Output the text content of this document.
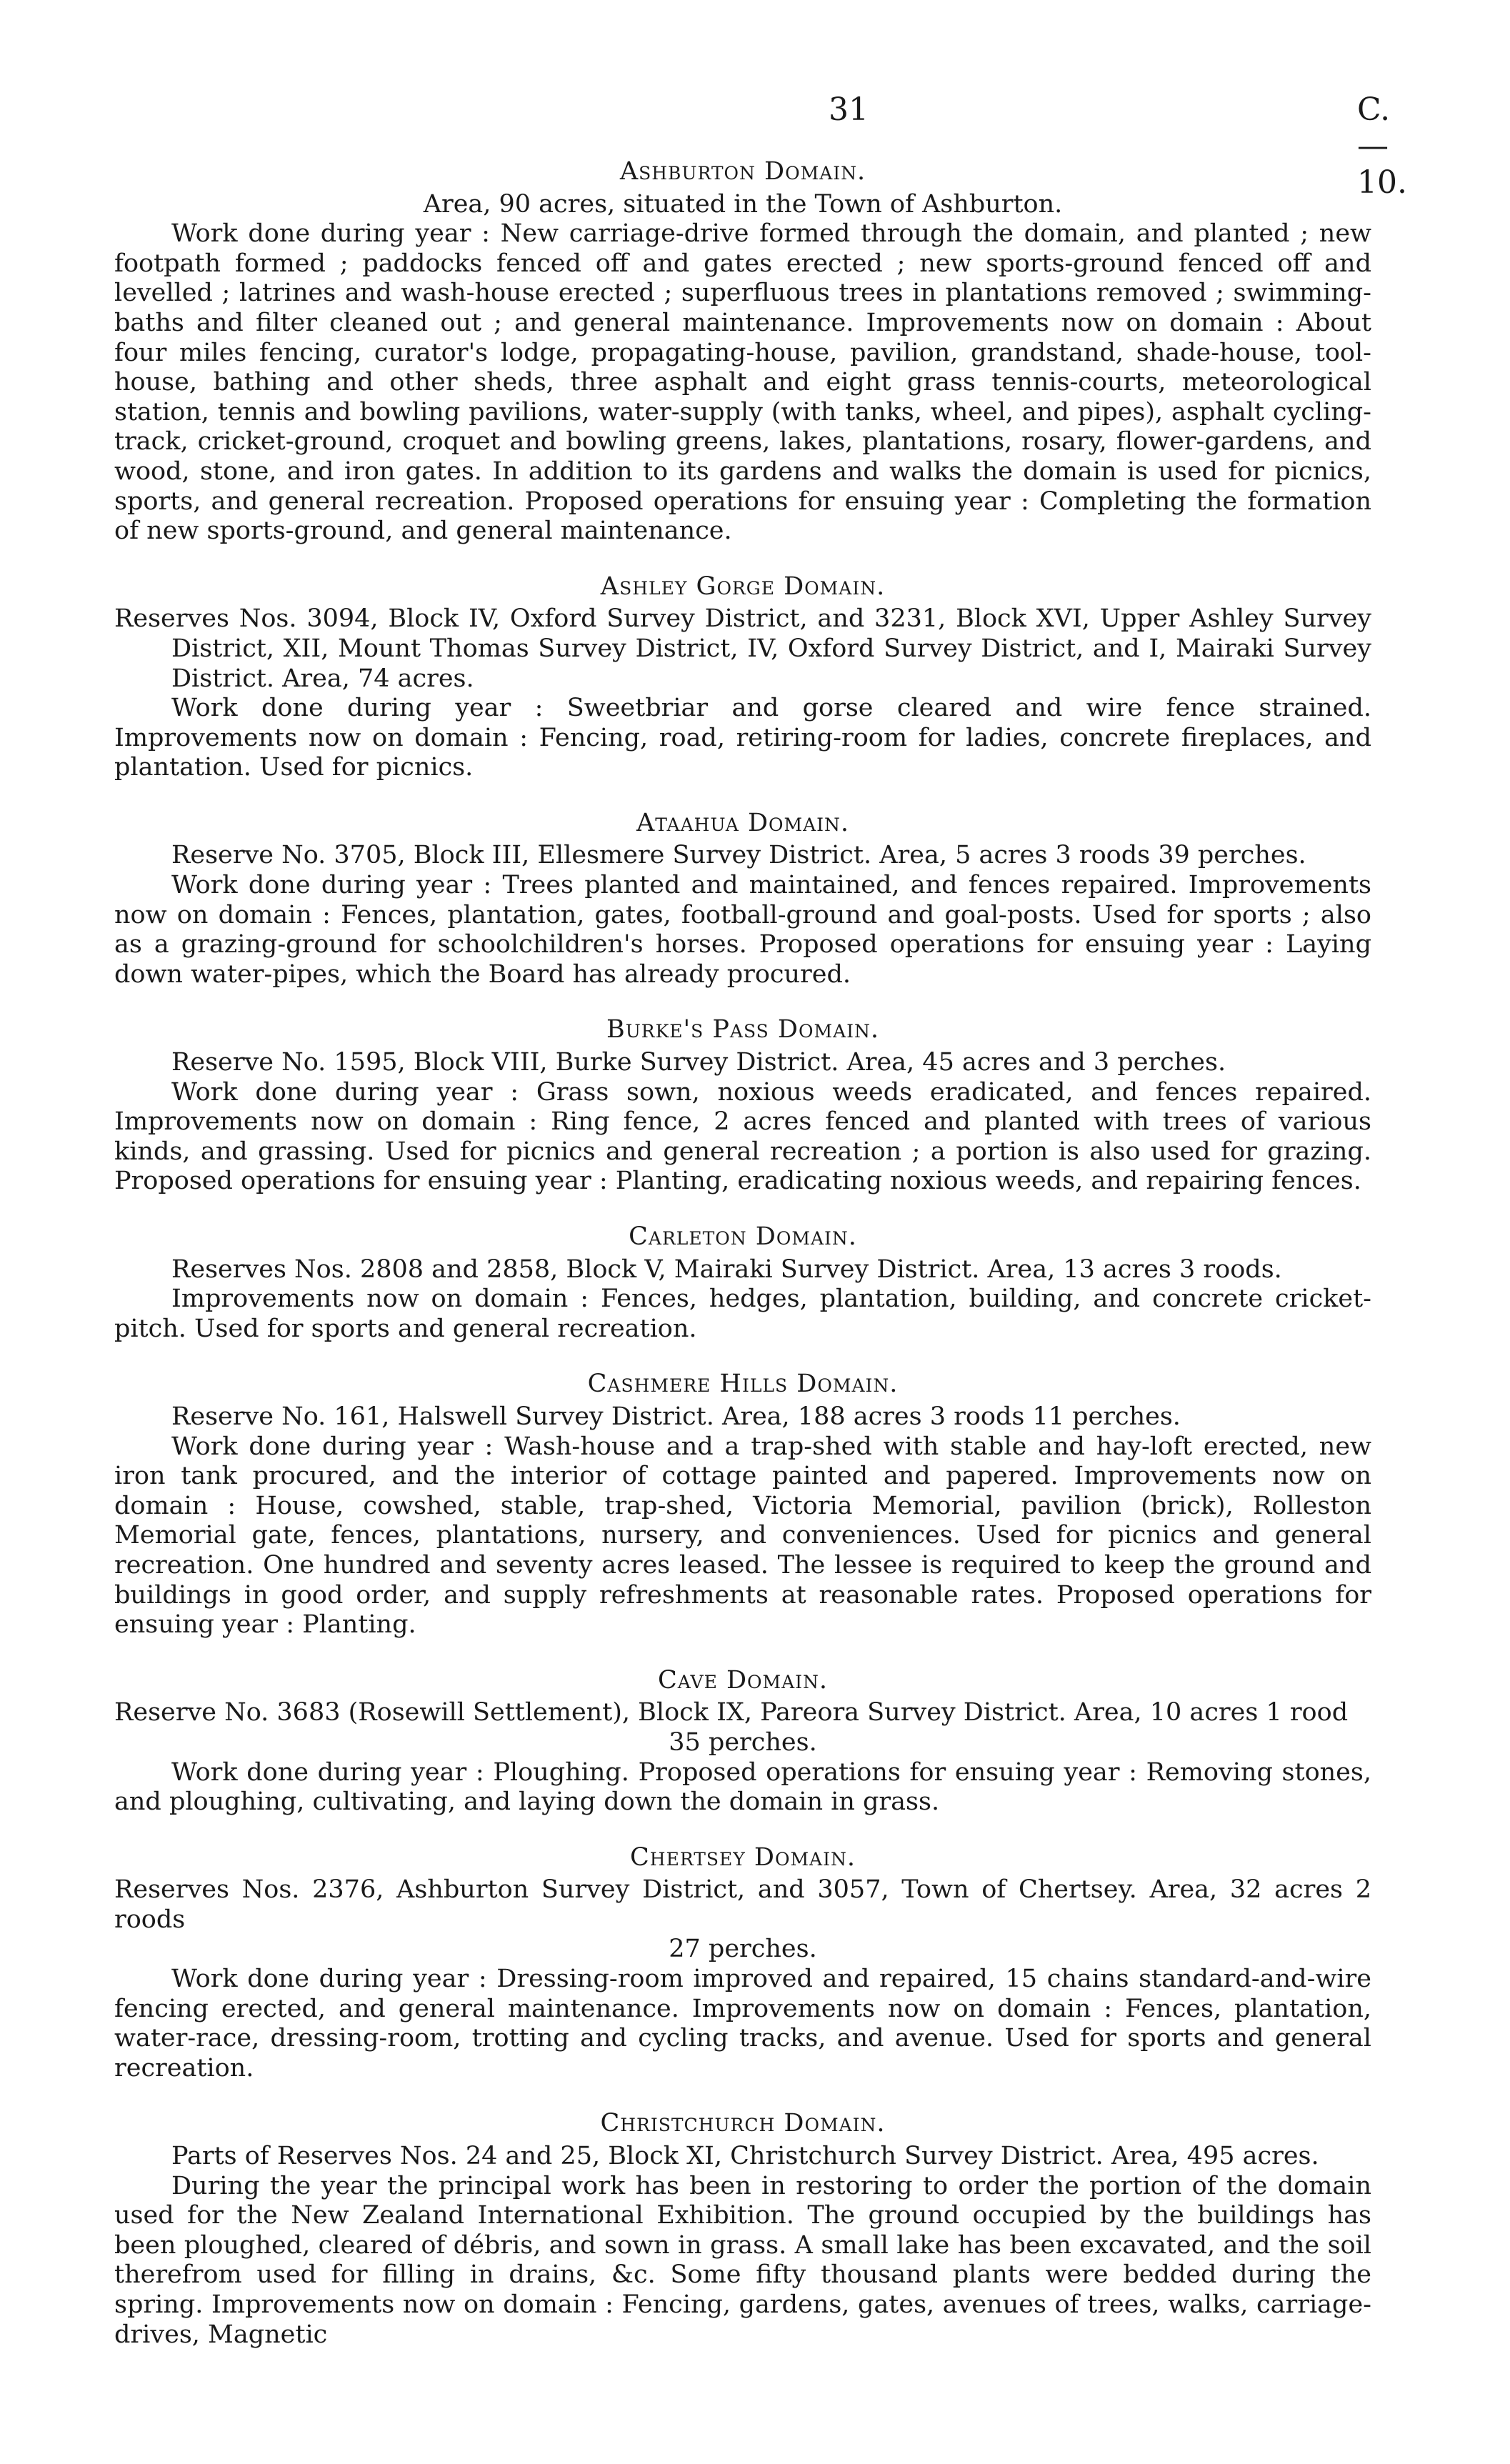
31	C.—10.
Ashburton Domain.

Area, 90 acres, situated in the Town of Ashburton.

Work done during year : New carriage-drive formed through the domain, and planted ; new footpath formed ; paddocks fenced off and gates erected ; new sports-ground fenced off and levelled ; latrines and wash-house erected ; superfluous trees in plantations removed ; swimming-baths and filter cleaned out ; and general maintenance. Improvements now on domain : About four miles fencing, curator's lodge, propagating-house, pavilion, grandstand, shade-house, tool-house, bathing and other sheds, three asphalt and eight grass tennis-courts, meteorological station, tennis and bowling pavilions, water-supply (with tanks, wheel, and pipes), asphalt cycling-track, cricket-ground, croquet and bowling greens, lakes, plantations, rosary, flower-gardens, and wood, stone, and iron gates. In addition to its gardens and walks the domain is used for picnics, sports, and general recreation. Proposed operations for ensuing year : Completing the formation of new sports-ground, and general maintenance.

Ashley Gorge Domain.

Reserves Nos. 3094, Block IV, Oxford Survey District, and 3231, Block XVI, Upper Ashley Survey District, XII, Mount Thomas Survey District, IV, Oxford Survey District, and I, Mairaki Survey District. Area, 74 acres.

Work done during year : Sweetbriar and gorse cleared and wire fence strained. Improvements now on domain : Fencing, road, retiring-room for ladies, concrete fireplaces, and plantation. Used for picnics.

Ataahua Domain.

Reserve No. 3705, Block III, Ellesmere Survey District. Area, 5 acres 3 roods 39 perches.

Work done during year : Trees planted and maintained, and fences repaired. Improvements now on domain : Fences, plantation, gates, football-ground and goal-posts. Used for sports ; also as a grazing-ground for schoolchildren's horses. Proposed operations for ensuing year : Laying down water-pipes, which the Board has already procured.

Burke's Pass Domain.

Reserve No. 1595, Block VIII, Burke Survey District. Area, 45 acres and 3 perches.

Work done during year : Grass sown, noxious weeds eradicated, and fences repaired. Improvements now on domain : Ring fence, 2 acres fenced and planted with trees of various kinds, and grassing. Used for picnics and general recreation ; a portion is also used for grazing. Proposed operations for ensuing year : Planting, eradicating noxious weeds, and repairing fences.

Carleton Domain.

Reserves Nos. 2808 and 2858, Block V, Mairaki Survey District. Area, 13 acres 3 roods.

Improvements now on domain : Fences, hedges, plantation, building, and concrete cricket-pitch. Used for sports and general recreation.

Cashmere Hills Domain.

Reserve No. 161, Halswell Survey District. Area, 188 acres 3 roods 11 perches.

Work done during year : Wash-house and a trap-shed with stable and hay-loft erected, new iron tank procured, and the interior of cottage painted and papered. Improvements now on domain : House, cowshed, stable, trap-shed, Victoria Memorial, pavilion (brick), Rolleston Memorial gate, fences, plantations, nursery, and conveniences. Used for picnics and general recreation. One hundred and seventy acres leased. The lessee is required to keep the ground and buildings in good order, and supply refreshments at reasonable rates. Proposed operations for ensuing year : Planting.

Cave Domain.

Reserve No. 3683 (Rosewill Settlement), Block IX, Pareora Survey District. Area, 10 acres 1 rood

35 perches.

Work done during year : Ploughing. Proposed operations for ensuing year : Removing stones, and ploughing, cultivating, and laying down the domain in grass.

Chertsey Domain.

Reserves Nos. 2376, Ashburton Survey District, and 3057, Town of Chertsey. Area, 32 acres 2 roods

27 perches.

Work done during year : Dressing-room improved and repaired, 15 chains standard-and-wire fencing erected, and general maintenance. Improvements now on domain : Fences, plantation, water-race, dressing-room, trotting and cycling tracks, and avenue. Used for sports and general recreation.

Christchurch Domain.

Parts of Reserves Nos. 24 and 25, Block XI, Christchurch Survey District. Area, 495 acres.

During the year the principal work has been in restoring to order the portion of the domain used for the New Zealand International Exhibition. The ground occupied by the buildings has been ploughed, cleared of débris, and sown in grass. A small lake has been excavated, and the soil therefrom used for filling in drains, &c. Some fifty thousand plants were bedded during the spring. Improvements now on domain : Fencing, gardens, gates, avenues of trees, walks, carriage-drives, Magnetic
